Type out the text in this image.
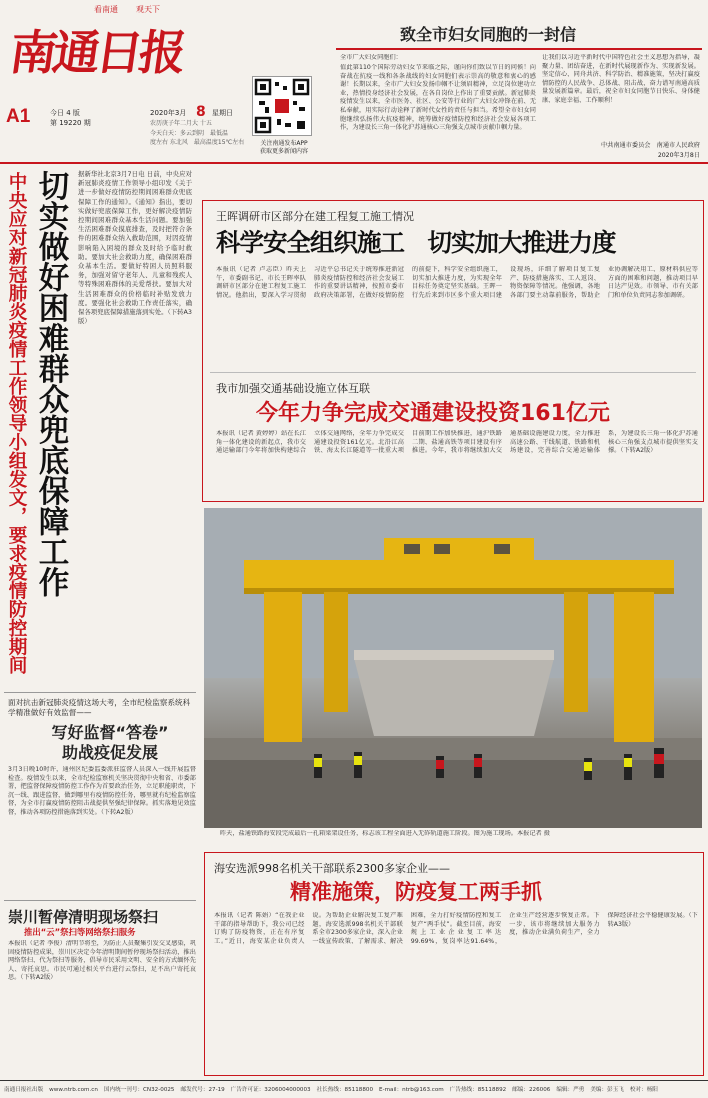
看南通 观天下
南通日报
A1	今日 4 版
第 19220 期
2020年3月 8 星期日
农历庚子年二月大 十五
今天白天：多云到阴　最低温
度左右 东北风　最高温度15℃左右	关注南通发布APP
获取更多新闻内容
致全市妇女同胞的一封信
全市广大妇女同胞们：
值此第110个国际劳动妇女节来临之际，谨向你们致以节日的问候！向奋战在抗疫一线和各条战线的妇女同胞们表示崇高的敬意和衷心的感谢！长期以来，全市广大妇女发扬巾帼不让须眉精神，立足岗位建功立业，热情投身经济社会发展，在各自岗位上作出了重要贡献。新冠肺炎疫情发生以来，全市医务、社区、公安等行业的广大妇女冲锋在前、无私奉献，用实际行动诠释了新时代女性的责任与担当。希望全市妇女同胞继续弘扬伟大抗疫精神，统筹做好疫情防控和经济社会发展各项工作，为建设长三角一体化沪苏通核心三角强支点城市贡献巾帼力量。
让我们以习近平新时代中国特色社会主义思想为指导，凝聚力量、团结奋进，在新时代展现新作为、实现新发展。坚定信心、同舟共济、科学防治、精准施策，坚决打赢疫情防控的人民战争、总体战、阻击战，奋力谱写南通高质量发展新篇章。最后，祝全市妇女同胞节日快乐、身体健康、家庭幸福、工作顺利！
中共南通市委员会　南通市人民政府
2020年3月8日
切实做好困难群众兜底保障工作
中央应对新冠肺炎疫情工作领导小组发文，要求疫情防控期间	据新华社北京3月7日电 日前，中央应对新冠肺炎疫情工作领导小组印发《关于进一步做好疫情防控期间困难群众兜底保障工作的通知》。《通知》指出，要切实做好兜底保障工作，更好解决疫情防控期间困难群众基本生活问题。要加强生活困难群众摸底排查，及时把符合条件的困难群众纳入救助范围，对因疫情影响陷入困境的群众及时给予临时救助。要加大社会救助力度，确保困难群众基本生活。要做好特困人员照料服务，加强对留守老年人、儿童和残疾人等特殊困难群体的关爱帮扶。要加大对生活困难群众的价格临时补贴发放力度。要强化社会救助工作责任落实，确保各项兜底保障措施落到实处。（下转A3版）
王晖调研市区部分在建工程复工施工情况
科学安全组织施工　切实加大推进力度
本报讯（记者 卢志臣）昨天上午，市委副书记、市长王晖率队调研市区部分在建工程复工施工情况。他指出，要深入学习贯彻习近平总书记关于统筹推进新冠肺炎疫情防控和经济社会发展工作的重要讲话精神，按照市委市政府决策部署，在做好疫情防控的前提下，科学安全组织施工，切实加大推进力度，为实现全年目标任务奠定坚实基础。王晖一行先后来到市区多个重大项目建设现场，详细了解项目复工复产、防疫措施落实、工人返岗、物资保障等情况。他强调，各地各部门要主动靠前服务，帮助企业协调解决用工、原材料供应等方面的困难和问题，推动项目早日达产见效。市领导、市有关部门和单位负责同志参加调研。
我市加强交通基础设施立体互联
今年力争完成交通建设投资161亿元
本报讯（记者 黄婷婷）站在长江角一体化建设的新起点，我市交通运输部门今年将加快构建综合立体交通网络，全年力争完成交通建设投资161亿元。北沿江高铁、海太长江隧道等一批重大项目前期工作加快推进，通沪铁路二期、盐通高铁等项目建设有序推进。今年，我市将继续加大交通基础设施建设力度，全力推进高速公路、干线航道、铁路和机场建设，完善综合交通运输体系，为建设长三角一体化沪苏通核心三角强支点城市提供坚实支撑。（下转A2版）
昨天，盐通铁路海安段完成最后一孔箱梁架设任务，标志该工程全面进入无砟轨道施工阶段。图为施工现场。本报记者 摄
面对抗击新冠肺炎疫情这场大考，全市纪检监察系统科学精准做好有效监督——
写好监督“答卷”
助战疫促发展
3月3日晚10时许，通州区纪委监委派驻监督人员深入一线开展监督检查。疫情发生以来，全市纪检监察机关坚决贯彻中央和省、市委部署，把监督保障疫情防控工作作为首要政治任务，立足职能职责，下沉一线、跟进监督，做到哪里有疫情防控任务，哪里就有纪检监察监督，为全市打赢疫情防控阻击战提供坚强纪律保障。抓实落地见效监督，推动各项防控措施落到实处。（下转A2版）
崇川暂停清明现场祭扫
推出“云”祭扫等网络祭扫服务
本报讯（记者 李俊）清明节将至，为防止人员聚集引发交叉感染，巩固疫情防控成果，崇川区决定今年清明期间暂停现场祭扫活动，推出网络祭扫、代为祭扫等服务，倡导市民采用文明、安全的方式缅怀先人、寄托哀思。市民可通过相关平台进行云祭扫，足不出户寄托哀思。（下转A2版）
海安选派998名机关干部联系2300多家企业——
精准施策，防疫复工两手抓
本报讯（记者 陈娟）“在我企业干部的指导帮助下，我公司已经订购了防疫物资，正在有序复工。”近日，海安某企业负责人说。为帮助企业解决复工复产难题，海安选派998名机关干部联系全市2300多家企业，深入企业一线宣传政策、了解需求、解决困难，全力打好疫情防控和复工复产“两手仗”。截至目前，海安规上工业企业复工率达99.69%，复岗率达91.64%，企业生产经营逐步恢复正常。下一步，该市将继续加大服务力度，推动企业满负荷生产，全力保障经济社会平稳健康发展。（下转A3版）
南通日报社出版 www.ntrb.com.cn 国内统一刊号：CN32-0025 邮发代号：27-19 广告许可证：3206004000003 社长热线：85118800 E-mail：ntrb@163.com 广告热线：85118892 邮编：226006 编辑：严勇 美编：彭玉飞 校对：杨阳
